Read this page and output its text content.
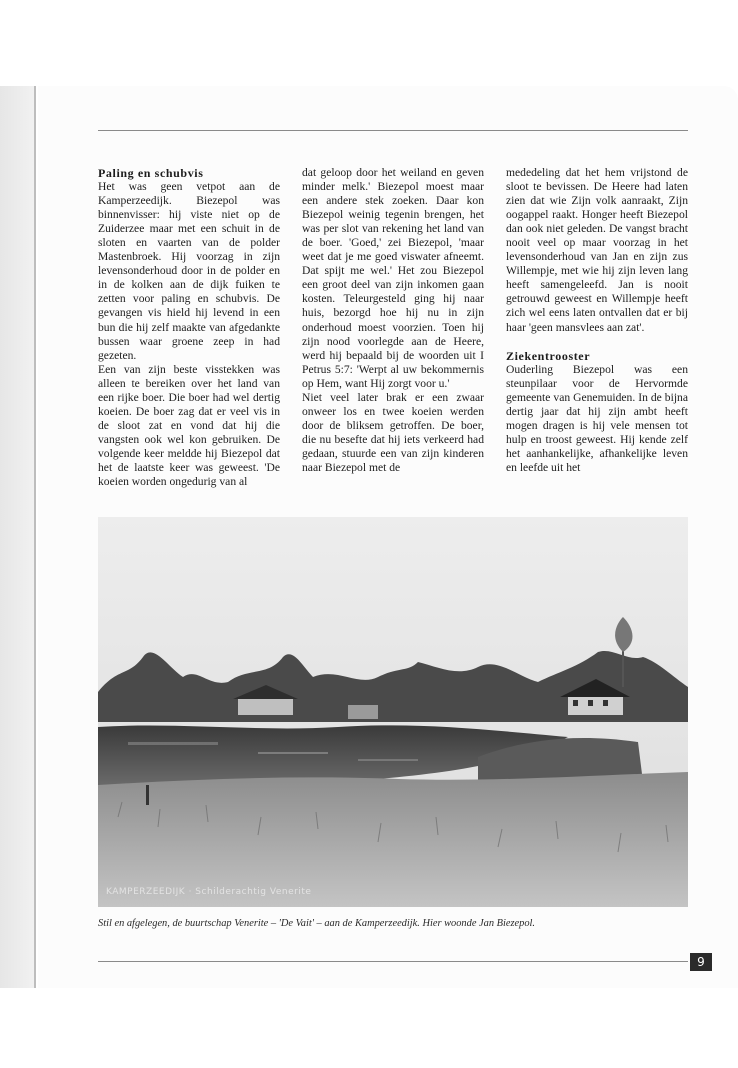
Paling en schubvis

Het was geen vetpot aan de Kamperzeedijk. Biezepol was binnenvisser: hij viste niet op de Zuiderzee maar met een schuit in de sloten en vaarten van de polder Mastenbroek. Hij voorzag in zijn levensonderhoud door in de polder en in de kolken aan de dijk fuiken te zetten voor paling en schubvis. De gevangen vis hield hij levend in een bun die hij zelf maakte van afgedankte bussen waar groene zeep in had gezeten.

Een van zijn beste visstekken was alleen te bereiken over het land van een rijke boer. Die boer had wel dertig koeien. De boer zag dat er veel vis in de sloot zat en vond dat hij die vangsten ook wel kon gebruiken. De volgende keer meldde hij Biezepol dat het de laatste keer was geweest. 'De koeien worden ongedurig van al

dat geloop door het weiland en geven minder melk.' Biezepol moest maar een andere stek zoeken. Daar kon Biezepol weinig tegenin brengen, het was per slot van rekening het land van de boer. 'Goed,' zei Biezepol, 'maar weet dat je me goed viswater afneemt. Dat spijt me wel.' Het zou Biezepol een groot deel van zijn inkomen gaan kosten. Teleurgesteld ging hij naar huis, bezorgd hoe hij nu in zijn onderhoud moest voorzien. Toen hij zijn nood voorlegde aan de Heere, werd hij bepaald bij de woorden uit I Petrus 5:7: 'Werpt al uw bekommernis op Hem, want Hij zorgt voor u.'

Niet veel later brak er een zwaar onweer los en twee koeien werden door de bliksem getroffen. De boer, die nu besefte dat hij iets verkeerd had gedaan, stuurde een van zijn kinderen naar Biezepol met de

mededeling dat het hem vrijstond de sloot te bevissen. De Heere had laten zien dat wie Zijn volk aanraakt, Zijn oogappel raakt. Honger heeft Biezepol dan ook niet geleden. De vangst bracht nooit veel op maar voorzag in het levensonderhoud van Jan en zijn zus Willempje, met wie hij zijn leven lang heeft samengeleefd. Jan is nooit getrouwd geweest en Willempje heeft zich wel eens laten ontvallen dat er bij haar 'geen mansvlees aan zat'.

Ziekentrooster

Ouderling Biezepol was een steunpilaar voor de Hervormde gemeente van Genemuiden. In de bijna dertig jaar dat hij zijn ambt heeft mogen dragen is hij vele mensen tot hulp en troost geweest. Hij kende zelf het aanhankelijke, afhankelijke leven en leefde uit het

KAMPERZEEDIJK · Schilderachtig Venerite
Stil en afgelegen, de buurtschap Venerite – 'De Vait' – aan de Kamperzeedijk. Hier woonde Jan Biezepol.
9
